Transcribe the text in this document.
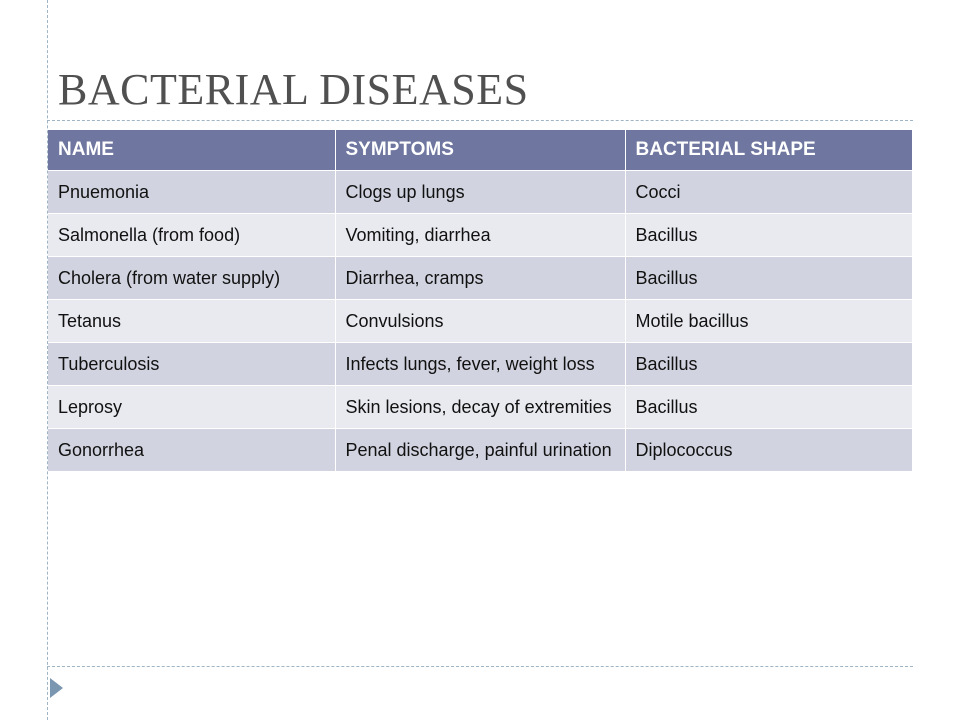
BACTERIAL DISEASES
NAME	SYMPTOMS	BACTERIAL SHAPE
Pnuemonia	Clogs up lungs	Cocci
Salmonella (from food)	Vomiting, diarrhea	Bacillus
Cholera (from water supply)	Diarrhea, cramps	Bacillus
Tetanus	Convulsions	Motile bacillus
Tuberculosis	Infects lungs, fever, weight loss	Bacillus
Leprosy	Skin lesions, decay of extremities	Bacillus
Gonorrhea	Penal discharge, painful urination	Diplococcus
